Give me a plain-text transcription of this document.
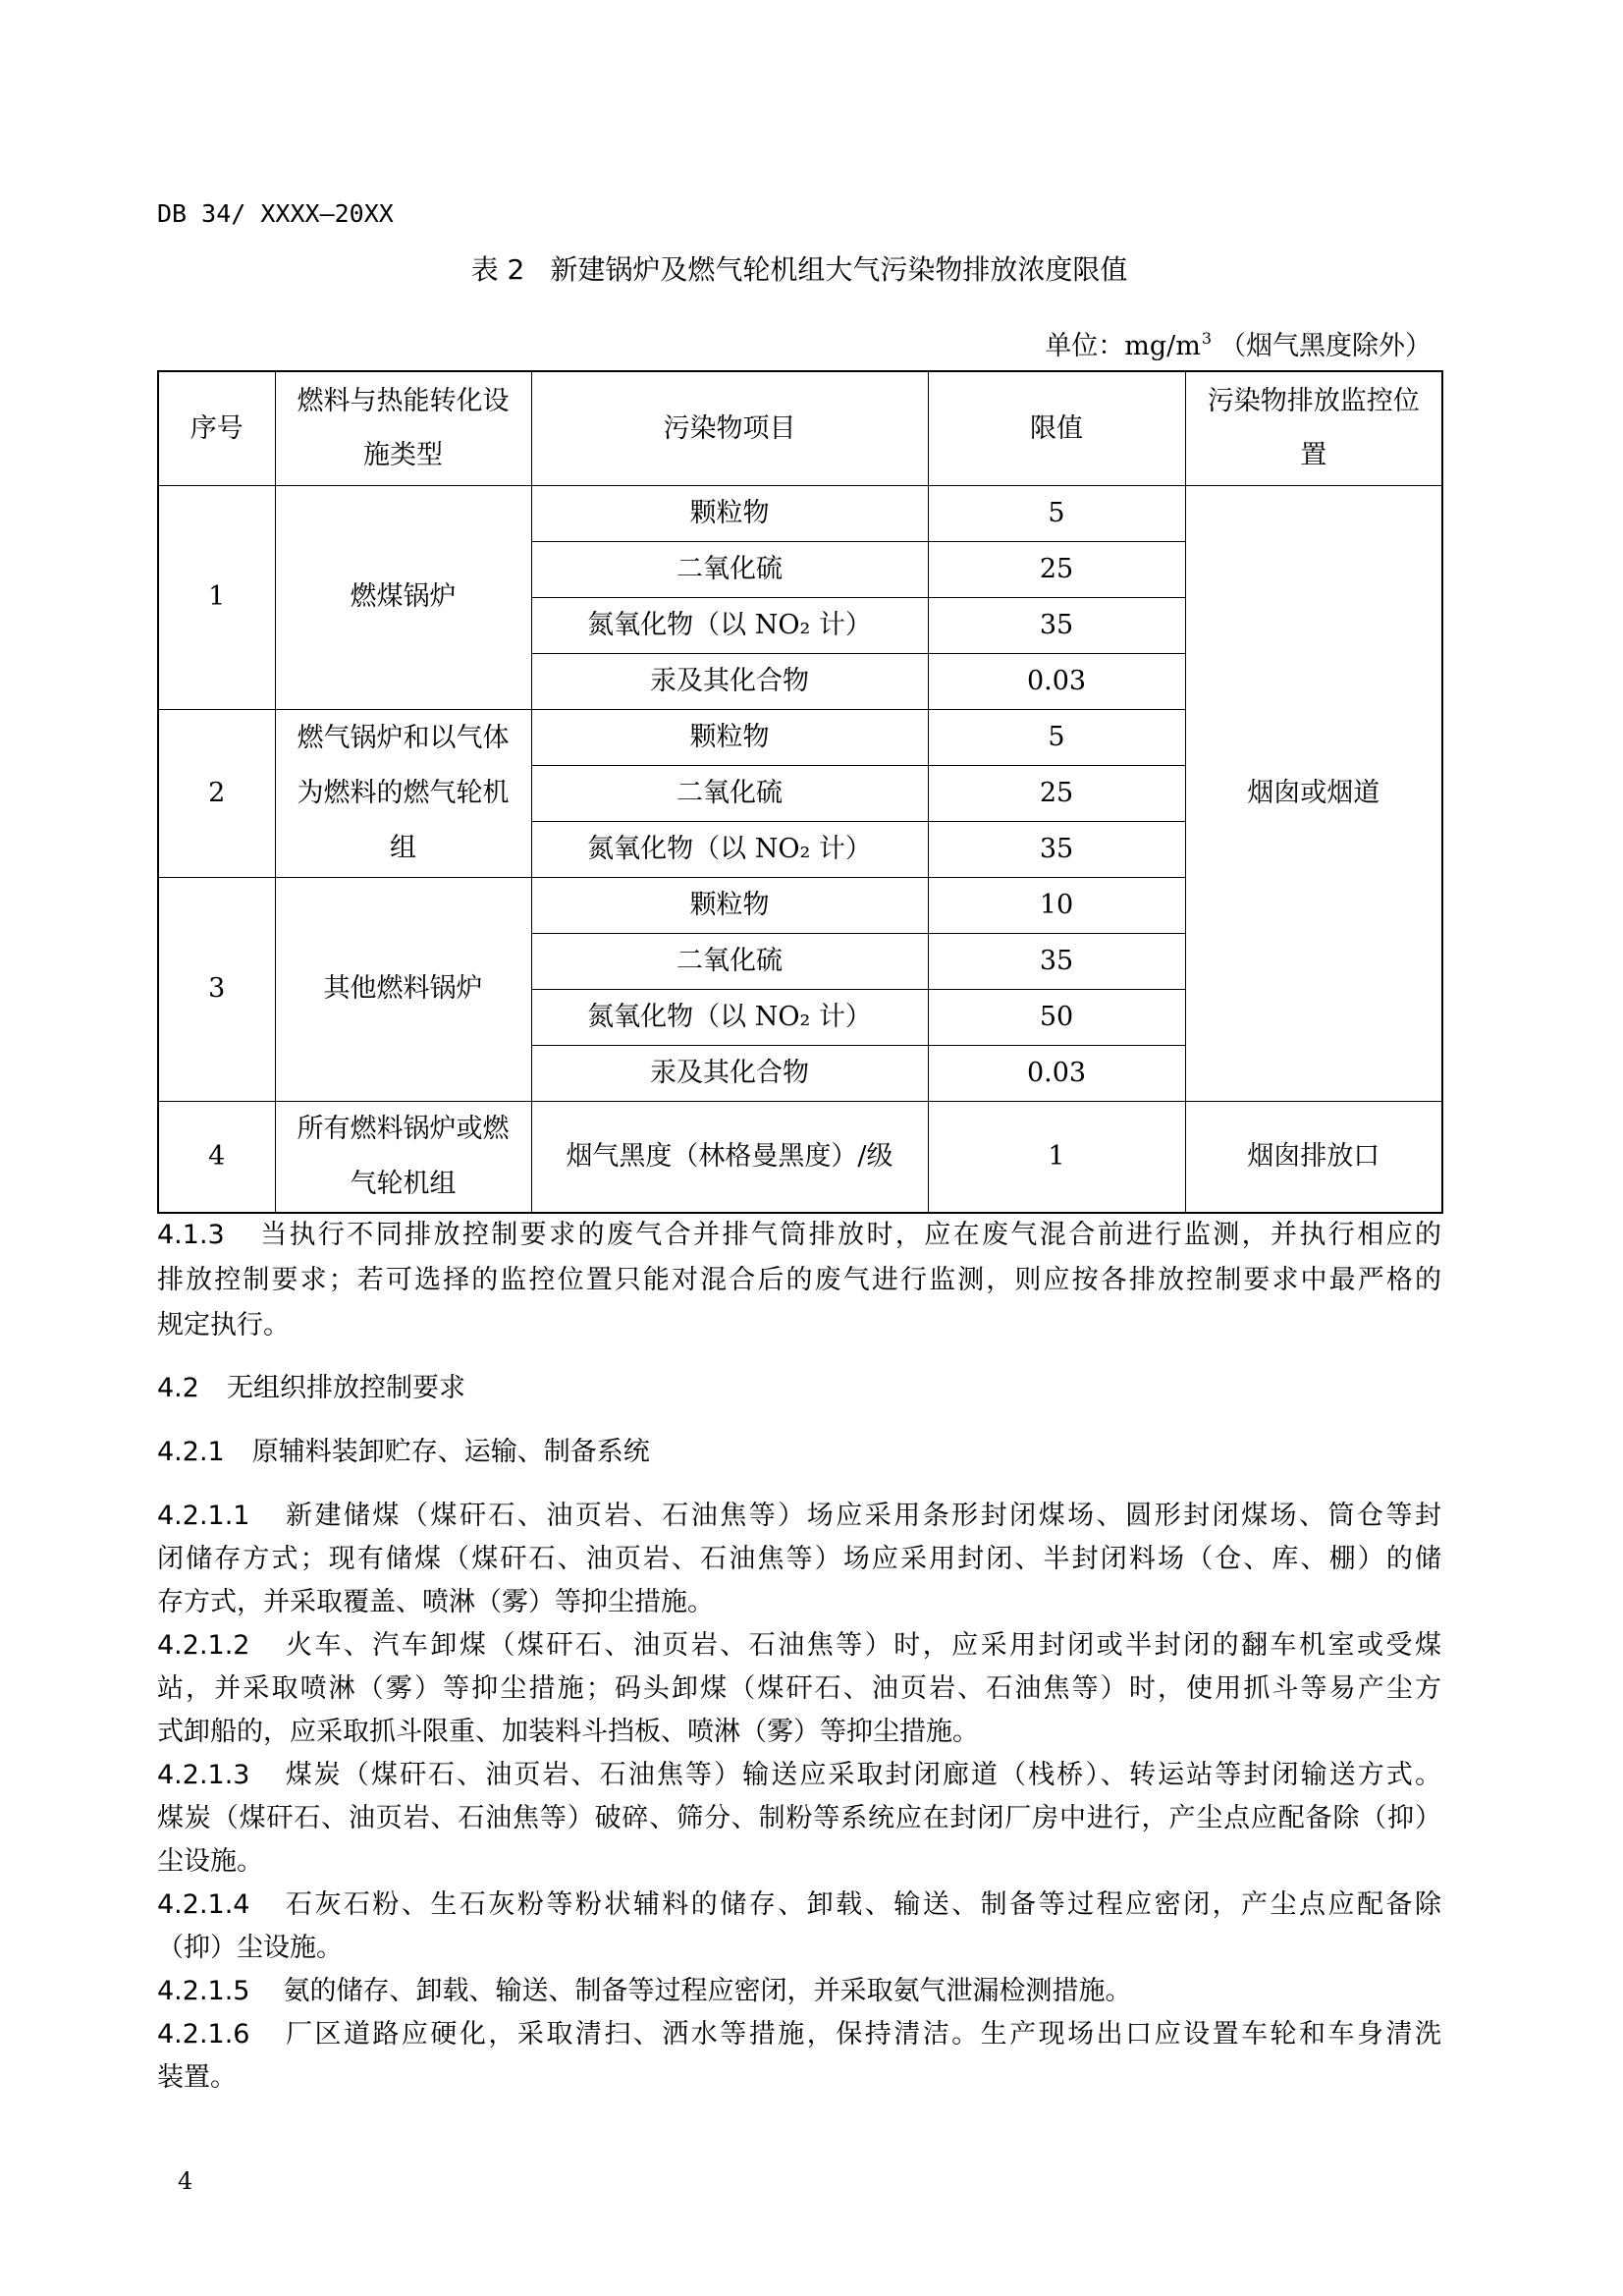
DB 34/ XXXX—20XX
表 2 新建锅炉及燃气轮机组大气污染物排放浓度限值
单位：$mg/m^3$ （烟气黑度除外）
序号	燃料与热能转化设施类型	污染物项目	限值	污染物排放监控位置
1	燃煤锅炉	颗粒物	5	烟囱或烟道
		二氧化硫	25	
		氮氧化物（以 NO₂ 计）	35	
		汞及其化合物	0.03	
2	燃气锅炉和以气体为燃料的燃气轮机组	颗粒物	5	
		二氧化硫	25	
		氮氧化物（以 NO₂ 计）	35	
3	其他燃料锅炉	颗粒物	10	
		二氧化硫	35	
		氮氧化物（以 NO₂ 计）	50	
		汞及其化合物	0.03	
4	所有燃料锅炉或燃气轮机组	烟气黑度（林格曼黑度）/级	1	烟囱排放口
4.1.3 当执行不同排放控制要求的废气合并排气筒排放时，应在废气混合前进行监测，并执行相应的
排放控制要求；若可选择的监控位置只能对混合后的废气进行监测，则应按各排放控制要求中最严格的
规定执行。
4.2 无组织排放控制要求
4.2.1 原辅料装卸贮存、运输、制备系统
4.2.1.1 新建储煤（煤矸石、油页岩、石油焦等）场应采用条形封闭煤场、圆形封闭煤场、筒仓等封
闭储存方式；现有储煤（煤矸石、油页岩、石油焦等）场应采用封闭、半封闭料场（仓、库、棚）的储
存方式，并采取覆盖、喷淋（雾）等抑尘措施。
4.2.1.2 火车、汽车卸煤（煤矸石、油页岩、石油焦等）时，应采用封闭或半封闭的翻车机室或受煤
站，并采取喷淋（雾）等抑尘措施；码头卸煤（煤矸石、油页岩、石油焦等）时，使用抓斗等易产尘方
式卸船的，应采取抓斗限重、加装料斗挡板、喷淋（雾）等抑尘措施。
4.2.1.3 煤炭（煤矸石、油页岩、石油焦等）输送应采取封闭廊道（栈桥）、转运站等封闭输送方式。
煤炭（煤矸石、油页岩、石油焦等）破碎、筛分、制粉等系统应在封闭厂房中进行，产尘点应配备除（抑）
尘设施。
4.2.1.4 石灰石粉、生石灰粉等粉状辅料的储存、卸载、输送、制备等过程应密闭，产尘点应配备除
（抑）尘设施。
4.2.1.5 氨的储存、卸载、输送、制备等过程应密闭，并采取氨气泄漏检测措施。
4.2.1.6 厂区道路应硬化，采取清扫、洒水等措施，保持清洁。生产现场出口应设置车轮和车身清洗
装置。
4
